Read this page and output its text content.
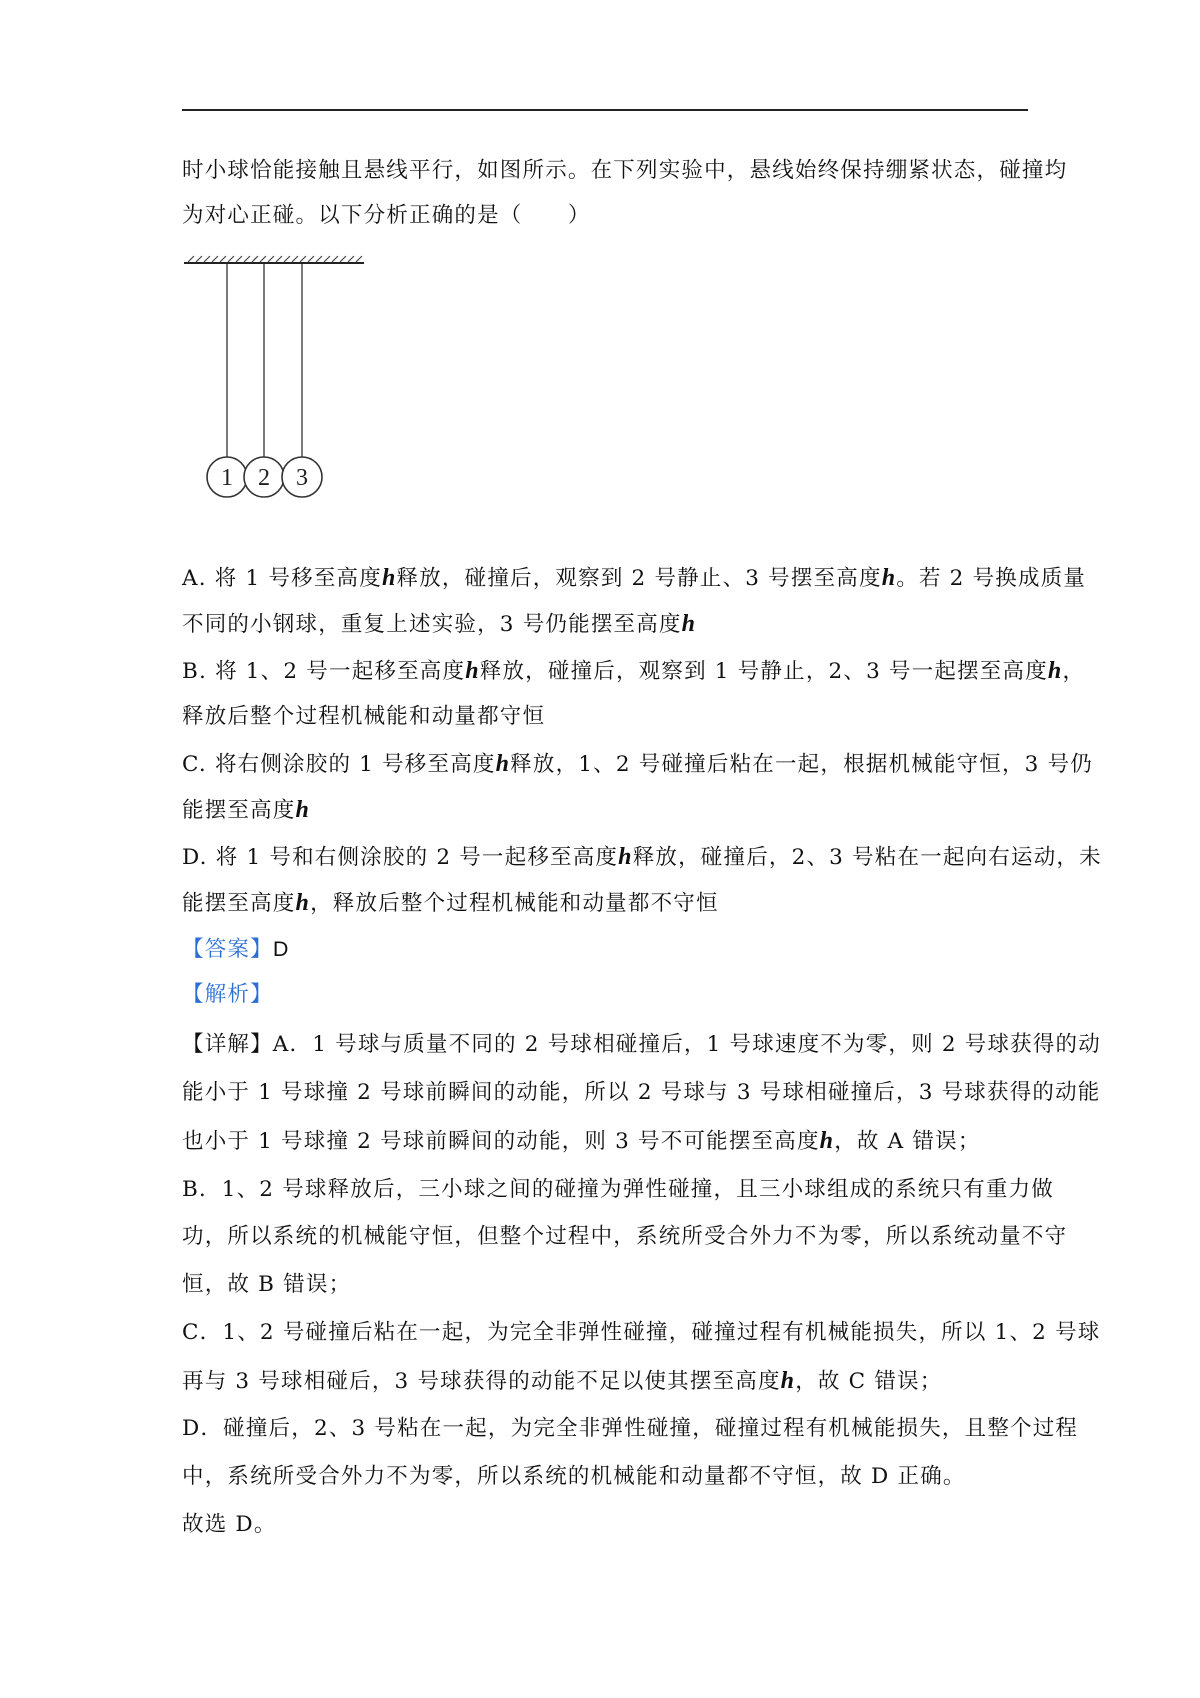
时小球恰能接触且悬线平行，如图所示。在下列实验中，悬线始终保持绷紧状态，碰撞均
为对心正碰。以下分析正确的是（　　）
1 2 3
A. 将 1 号移至高度h释放，碰撞后，观察到 2 号静止、3 号摆至高度h。若 2 号换成质量
不同的小钢球，重复上述实验，3 号仍能摆至高度h
B. 将 1、2 号一起移至高度h释放，碰撞后，观察到 1 号静止，2、3 号一起摆至高度h，
释放后整个过程机械能和动量都守恒
C. 将右侧涂胶的 1 号移至高度h释放，1、2 号碰撞后粘在一起，根据机械能守恒，3 号仍
能摆至高度h
D. 将 1 号和右侧涂胶的 2 号一起移至高度h释放，碰撞后，2、3 号粘在一起向右运动，未
能摆至高度h，释放后整个过程机械能和动量都不守恒
【答案】D
【解析】
【详解】A．1 号球与质量不同的 2 号球相碰撞后，1 号球速度不为零，则 2 号球获得的动
能小于 1 号球撞 2 号球前瞬间的动能，所以 2 号球与 3 号球相碰撞后，3 号球获得的动能
也小于 1 号球撞 2 号球前瞬间的动能，则 3 号不可能摆至高度h，故 A 错误；
B．1、2 号球释放后，三小球之间的碰撞为弹性碰撞，且三小球组成的系统只有重力做
功，所以系统的机械能守恒，但整个过程中，系统所受合外力不为零，所以系统动量不守
恒，故 B 错误；
C．1、2 号碰撞后粘在一起，为完全非弹性碰撞，碰撞过程有机械能损失，所以 1、2 号球
再与 3 号球相碰后，3 号球获得的动能不足以使其摆至高度h，故 C 错误；
D．碰撞后，2、3 号粘在一起，为完全非弹性碰撞，碰撞过程有机械能损失，且整个过程
中，系统所受合外力不为零，所以系统的机械能和动量都不守恒，故 D 正确。
故选 D。
